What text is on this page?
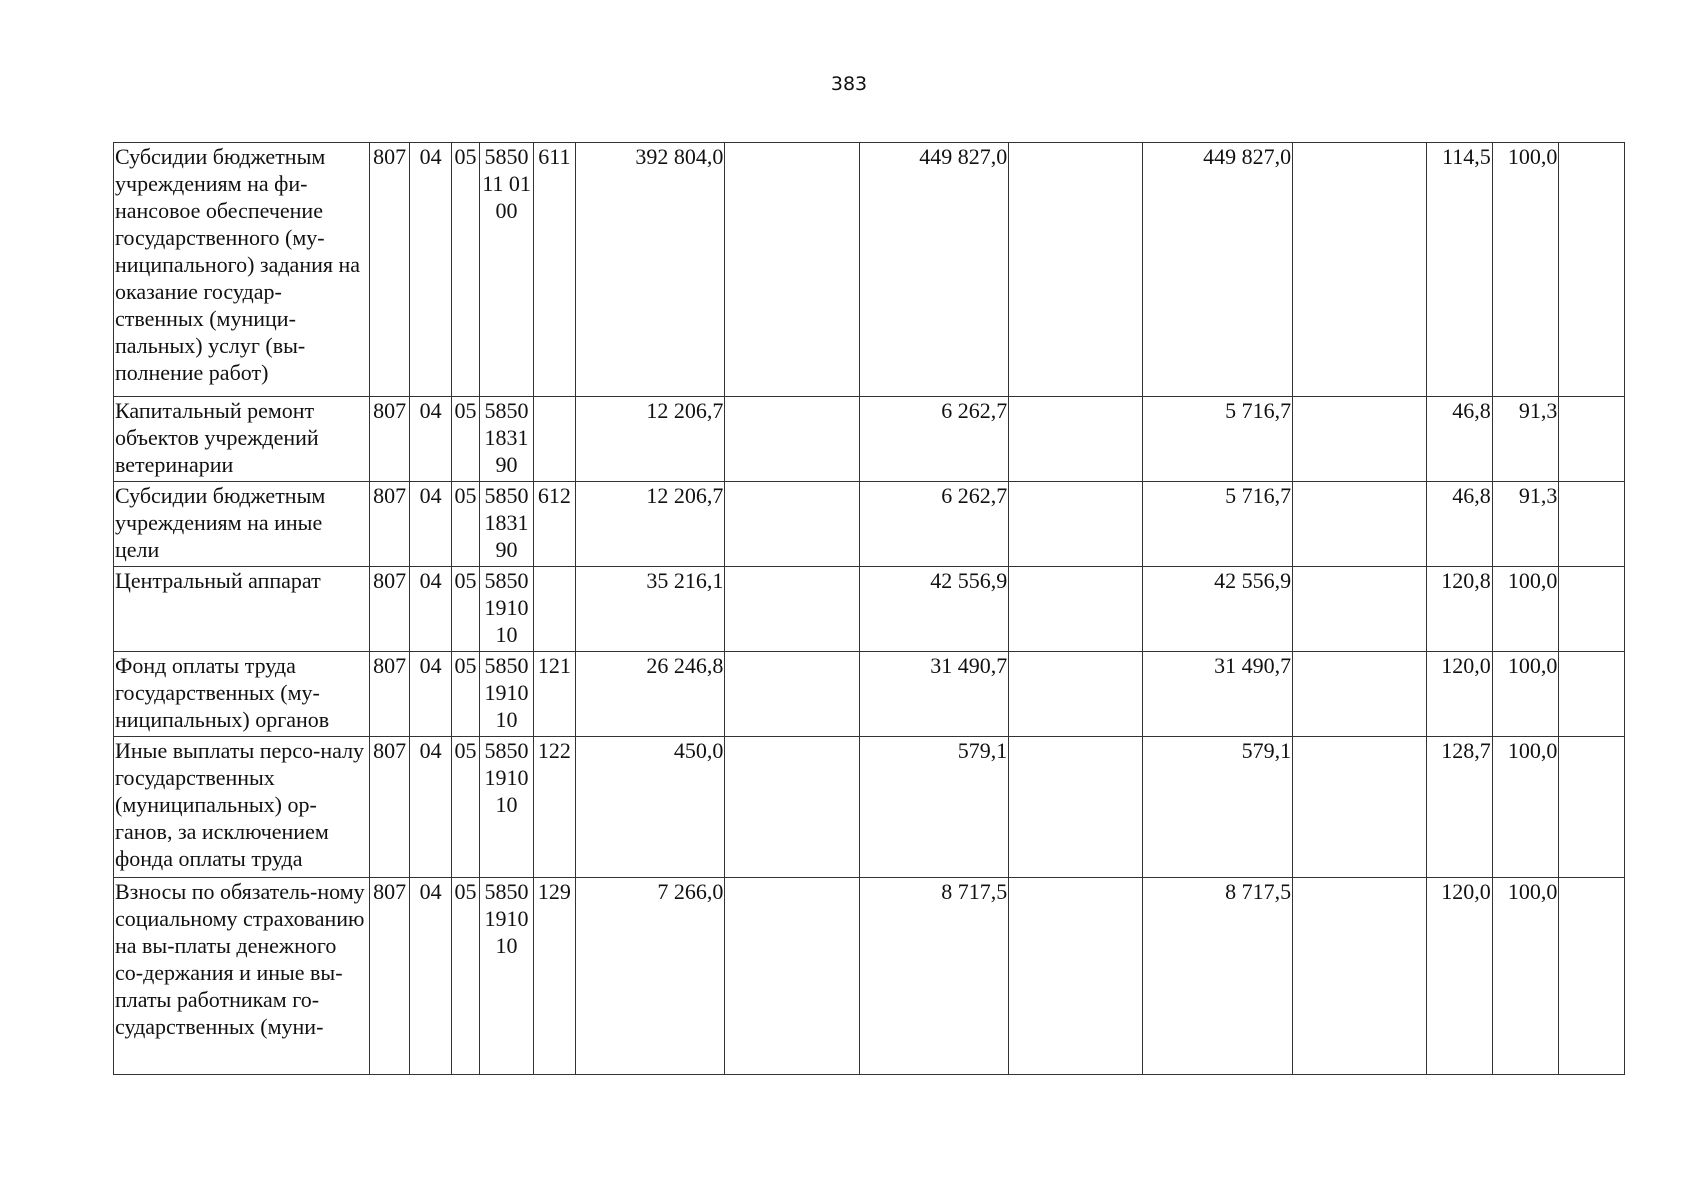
383
Субсидии бюджетным учреждениям на фи-нансовое обеспечение государственного (му-ниципального) задания на оказание государ-ственных (муници-пальных) услуг (вы-полнение работ)	807	04	05	585011 0100	611	392 804,0		449 827,0		449 827,0		114,5	100,0	
Капитальный ремонт объектов учреждений ветеринарии	807	04	05	5850183190		12 206,7		6 262,7		5 716,7		46,8	91,3	
Субсидии бюджетным учреждениям на иные цели	807	04	05	5850183190	612	12 206,7		6 262,7		5 716,7		46,8	91,3	
Центральный аппарат	807	04	05	5850191010		35 216,1		42 556,9		42 556,9		120,8	100,0	
Фонд оплаты труда государственных (му-ниципальных) органов	807	04	05	5850191010	121	26 246,8		31 490,7		31 490,7		120,0	100,0	
Иные выплаты персо-налу государственных (муниципальных) ор-ганов, за исключением фонда оплаты труда	807	04	05	5850191010	122	450,0		579,1		579,1		128,7	100,0	
Взносы по обязатель-ному социальному страхованию на вы-платы денежного со-держания и иные вы-платы работникам го-сударственных (муни-	807	04	05	5850191010	129	7 266,0		8 717,5		8 717,5		120,0	100,0	
